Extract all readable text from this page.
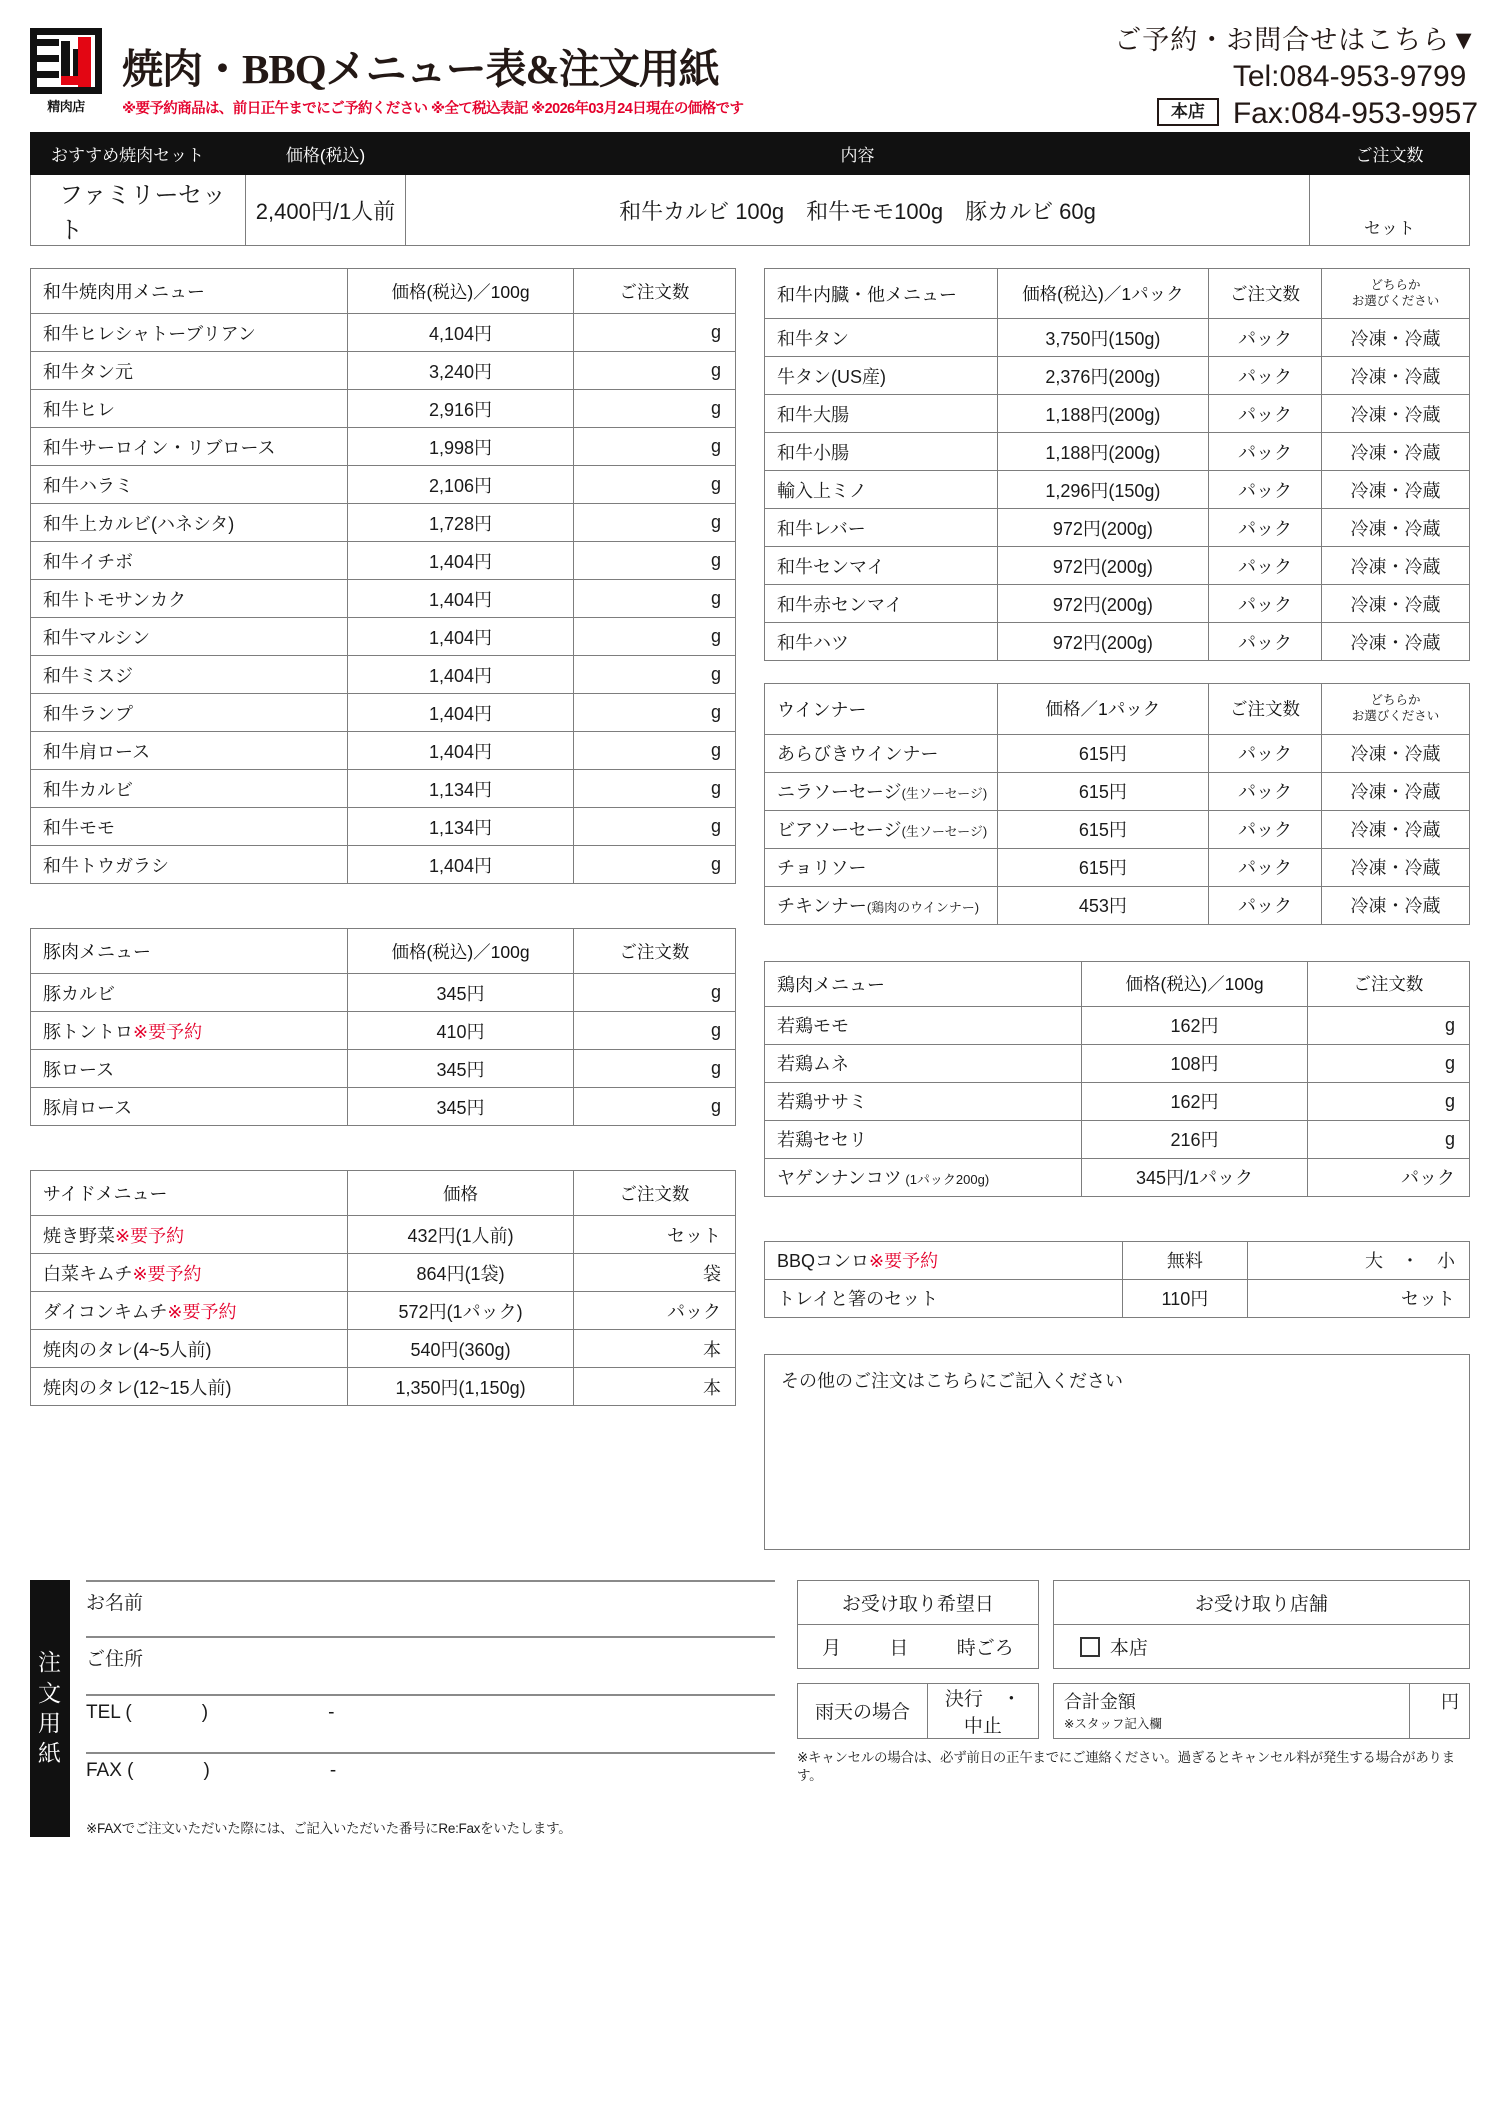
精肉店
焼肉・BBQメニュー表&注文用紙
※要予約商品は、前日正午までにご予約ください ※全て税込表記 ※2026年03月24日現在の価格です
ご予約・お問合せはこちら▼
本店
Tel:084-953-9799
Fax:084-953-9957
おすすめ焼肉セット	価格(税込)	内容	ご注文数
ファミリーセット	2,400円/1人前	和牛カルビ 100g　和牛モモ100g　豚カルビ 60g	セット
和牛焼肉用メニュー	価格(税込)／100g	ご注文数
和牛ヒレシャトーブリアン	4,104円	g
和牛タン元	3,240円	g
和牛ヒレ	2,916円	g
和牛サーロイン・リブロース	1,998円	g
和牛ハラミ	2,106円	g
和牛上カルビ(ハネシタ)	1,728円	g
和牛イチボ	1,404円	g
和牛トモサンカク	1,404円	g
和牛マルシン	1,404円	g
和牛ミスジ	1,404円	g
和牛ランプ	1,404円	g
和牛肩ロース	1,404円	g
和牛カルビ	1,134円	g
和牛モモ	1,134円	g
和牛トウガラシ	1,404円	g
豚肉メニュー	価格(税込)／100g	ご注文数
豚カルビ	345円	g
豚トントロ※要予約	410円	g
豚ロース	345円	g
豚肩ロース	345円	g
サイドメニュー	価格	ご注文数
焼き野菜※要予約	432円(1人前)	セット
白菜キムチ※要予約	864円(1袋)	袋
ダイコンキムチ※要予約	572円(1パック)	パック
焼肉のタレ(4~5人前)	540円(360g)	本
焼肉のタレ(12~15人前)	1,350円(1,150g)	本
和牛内臓・他メニュー	価格(税込)／1パック	ご注文数	どちらか
お選びください

和牛タン	3,750円(150g)	パック	冷凍・冷蔵
牛タン(US産)	2,376円(200g)	パック	冷凍・冷蔵
和牛大腸	1,188円(200g)	パック	冷凍・冷蔵
和牛小腸	1,188円(200g)	パック	冷凍・冷蔵
輸入上ミノ	1,296円(150g)	パック	冷凍・冷蔵
和牛レバー	972円(200g)	パック	冷凍・冷蔵
和牛センマイ	972円(200g)	パック	冷凍・冷蔵
和牛赤センマイ	972円(200g)	パック	冷凍・冷蔵
和牛ハツ	972円(200g)	パック	冷凍・冷蔵
ウインナー	価格／1パック	ご注文数	どちらか
お選びください

あらびきウインナー	615円	パック	冷凍・冷蔵
ニラソーセージ(生ソーセージ)	615円	パック	冷凍・冷蔵
ビアソーセージ(生ソーセージ)	615円	パック	冷凍・冷蔵
チョリソー	615円	パック	冷凍・冷蔵
チキンナー(鶏肉のウインナー)	453円	パック	冷凍・冷蔵
鶏肉メニュー	価格(税込)／100g	ご注文数
若鶏モモ	162円	g
若鶏ムネ	108円	g
若鶏ササミ	162円	g
若鶏セセリ	216円	g
ヤゲンナンコツ (1パック200g)	345円/1パック	パック
BBQコンロ※要予約	無料	大　・　小
トレイと箸のセット	110円	セット
その他のご注文はこちらにご記入ください
注
文
用
紙
お名前
ご住所
TEL (	)	-
FAX (	)	-
※FAXでご注文いただいた際には、ご記入いただいた番号にRe:Faxをいたします。
お受け取り希望日

月	日	時ごろ
お受け取り店舗
本店
雨天の場合	決行　・　中止
合計金額
※スタッフ記入欄
	円
※キャンセルの場合は、必ず前日の正午までにご連絡ください。過ぎるとキャンセル料が発生する場合があります。
